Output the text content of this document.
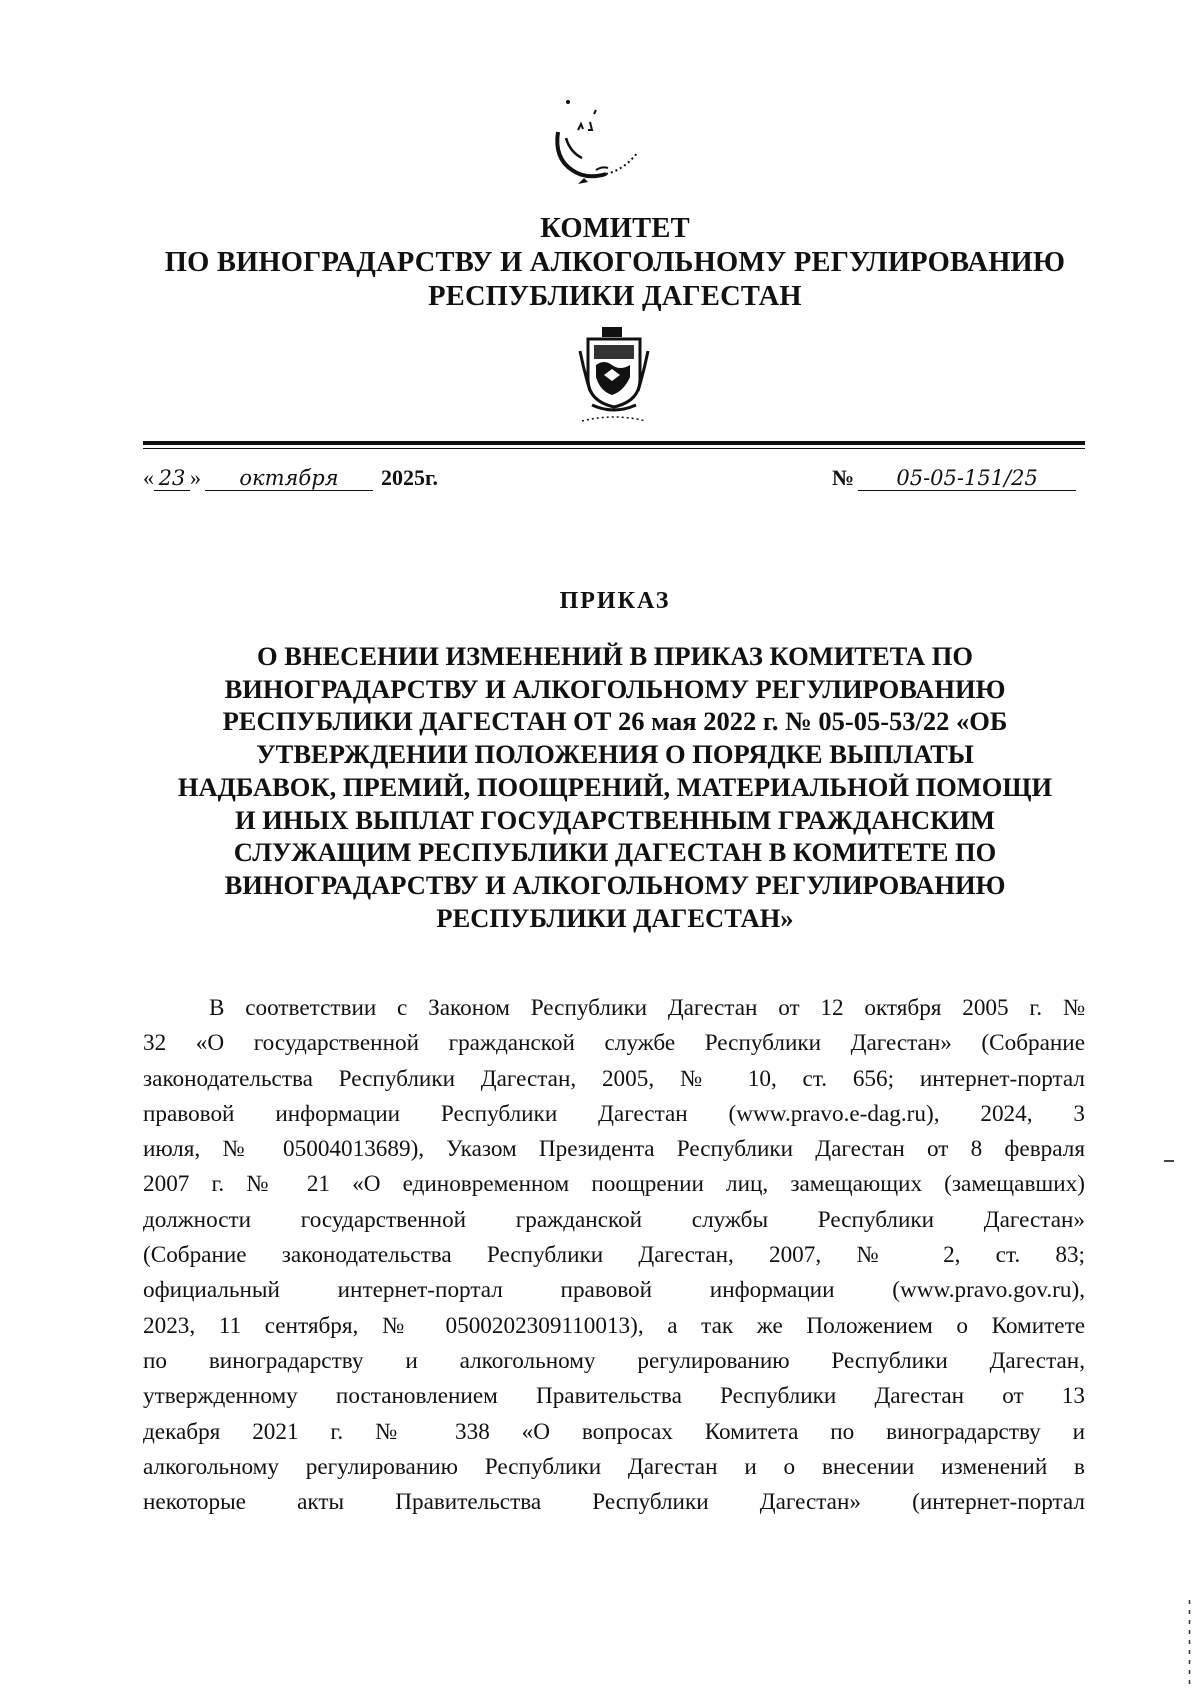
КОМИТЕТ
ПО ВИНОГРАДАРСТВУ И АЛКОГОЛЬНОМУ РЕГУЛИРОВАНИЮ
РЕСПУБЛИКИ ДАГЕСТАН
« 23 » октября 2025г.	№ 05-05-151/25
ПРИКАЗ
О ВНЕСЕНИИ ИЗМЕНЕНИЙ В ПРИКАЗ КОМИТЕТА ПО
ВИНОГРАДАРСТВУ И АЛКОГОЛЬНОМУ РЕГУЛИРОВАНИЮ
РЕСПУБЛИКИ ДАГЕСТАН ОТ 26 мая 2022 г. № 05-05-53/22 «ОБ
УТВЕРЖДЕНИИ ПОЛОЖЕНИЯ О ПОРЯДКЕ ВЫПЛАТЫ
НАДБАВОК, ПРЕМИЙ, ПООЩРЕНИЙ, МАТЕРИАЛЬНОЙ ПОМОЩИ
И ИНЫХ ВЫПЛАТ ГОСУДАРСТВЕННЫМ ГРАЖДАНСКИМ
СЛУЖАЩИМ РЕСПУБЛИКИ ДАГЕСТАН В КОМИТЕТЕ ПО
ВИНОГРАДАРСТВУ И АЛКОГОЛЬНОМУ РЕГУЛИРОВАНИЮ
РЕСПУБЛИКИ ДАГЕСТАН»
В соответствии с Законом Республики Дагестан от 12 октября 2005 г. №
32 «О государственной гражданской службе Республики Дагестан» (Собрание
законодательства Республики Дагестан, 2005, № 10, ст. 656; интернет-портал
правовой информации Республики Дагестан (www.pravo.e-dag.ru), 2024, 3
июля, № 05004013689), Указом Президента Республики Дагестан от 8 февраля
2007 г. № 21 «О единовременном поощрении лиц, замещающих (замещавших)
должности государственной гражданской службы Республики Дагестан»
(Собрание законодательства Республики Дагестан, 2007, № 2, ст. 83;
официальный интернет-портал правовой информации (www.pravo.gov.ru),
2023, 11 сентября, № 0500202309110013), а так же Положением о Комитете
по виноградарству и алкогольному регулированию Республики Дагестан,
утвержденному постановлением Правительства Республики Дагестан от 13
декабря 2021 г. № 338 «О вопросах Комитета по виноградарству и
алкогольному регулированию Республики Дагестан и о внесении изменений в
некоторые акты Правительства Республики Дагестан» (интернет-портал
